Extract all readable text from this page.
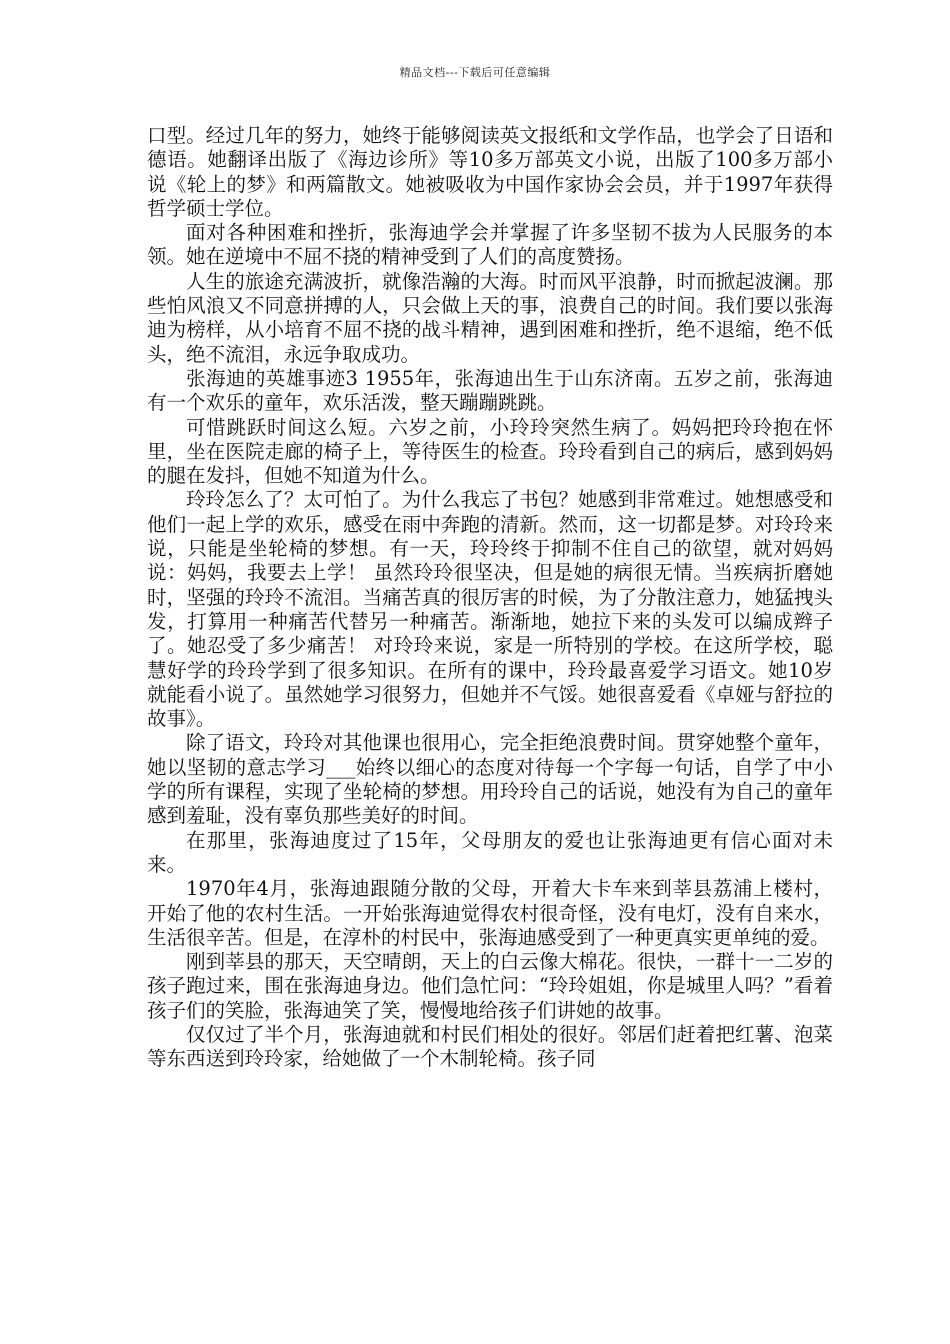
精品文档---下载后可任意编辑

口型。经过几年的努力，她终于能够阅读英文报纸和文学作品，也学会了日语和德语。她翻译出版了《海边诊所》等10多万部英文小说，出版了100多万部小说《轮上的梦》和两篇散文。她被吸收为中国作家协会会员，并于1997年获得哲学硕士学位。

面对各种困难和挫折，张海迪学会并掌握了许多坚韧不拔为人民服务的本领。她在逆境中不屈不挠的精神受到了人们的高度赞扬。

人生的旅途充满波折，就像浩瀚的大海。时而风平浪静，时而掀起波澜。那些怕风浪又不同意拼搏的人，只会做上天的事，浪费自己的时间。我们要以张海迪为榜样，从小培育不屈不挠的战斗精神，遇到困难和挫折，绝不退缩，绝不低头，绝不流泪，永远争取成功。

张海迪的英雄事迹3 1955年，张海迪出生于山东济南。五岁之前，张海迪有一个欢乐的童年，欢乐活泼，整天蹦蹦跳跳。

可惜跳跃时间这么短。六岁之前，小玲玲突然生病了。妈妈把玲玲抱在怀里，坐在医院走廊的椅子上，等待医生的检查。玲玲看到自己的病后，感到妈妈的腿在发抖，但她不知道为什么。

玲玲怎么了？太可怕了。为什么我忘了书包？她感到非常难过。她想感受和他们一起上学的欢乐，感受在雨中奔跑的清新。然而，这一切都是梦。对玲玲来说，只能是坐轮椅的梦想。有一天，玲玲终于抑制不住自己的欲望，就对妈妈说：妈妈，我要去上学！ 虽然玲玲很坚决，但是她的病很无情。当疾病折磨她时，坚强的玲玲不流泪。当痛苦真的很厉害的时候，为了分散注意力，她猛拽头发，打算用一种痛苦代替另一种痛苦。渐渐地，她拉下来的头发可以编成辫子了。她忍受了多少痛苦！ 对玲玲来说，家是一所特别的学校。在这所学校，聪慧好学的玲玲学到了很多知识。在所有的课中，玲玲最喜爱学习语文。她10岁就能看小说了。虽然她学习很努力，但她并不气馁。她很喜爱看《卓娅与舒拉的故事》。

除了语文，玲玲对其他课也很用心，完全拒绝浪费时间。贯穿她整个童年，她以坚韧的意志学习___始终以细心的态度对待每一个字每一句话，自学了中小学的所有课程，实现了坐轮椅的梦想。用玲玲自己的话说，她没有为自己的童年感到羞耻，没有辜负那些美好的时间。

在那里，张海迪度过了15年，父母朋友的爱也让张海迪更有信心面对未来。

1970年4月，张海迪跟随分散的父母，开着大卡车来到莘县荔浦上楼村，开始了他的农村生活。一开始张海迪觉得农村很奇怪，没有电灯，没有自来水，生活很辛苦。但是，在淳朴的村民中，张海迪感受到了一种更真实更单纯的爱。

刚到莘县的那天，天空晴朗，天上的白云像大棉花。很快，一群十一二岁的孩子跑过来，围在张海迪身边。他们急忙问：“玲玲姐姐，你是城里人吗？”看着孩子们的笑脸，张海迪笑了笑，慢慢地给孩子们讲她的故事。

仅仅过了半个月，张海迪就和村民们相处的很好。邻居们赶着把红薯、泡菜等东西送到玲玲家，给她做了一个木制轮椅。孩子同
